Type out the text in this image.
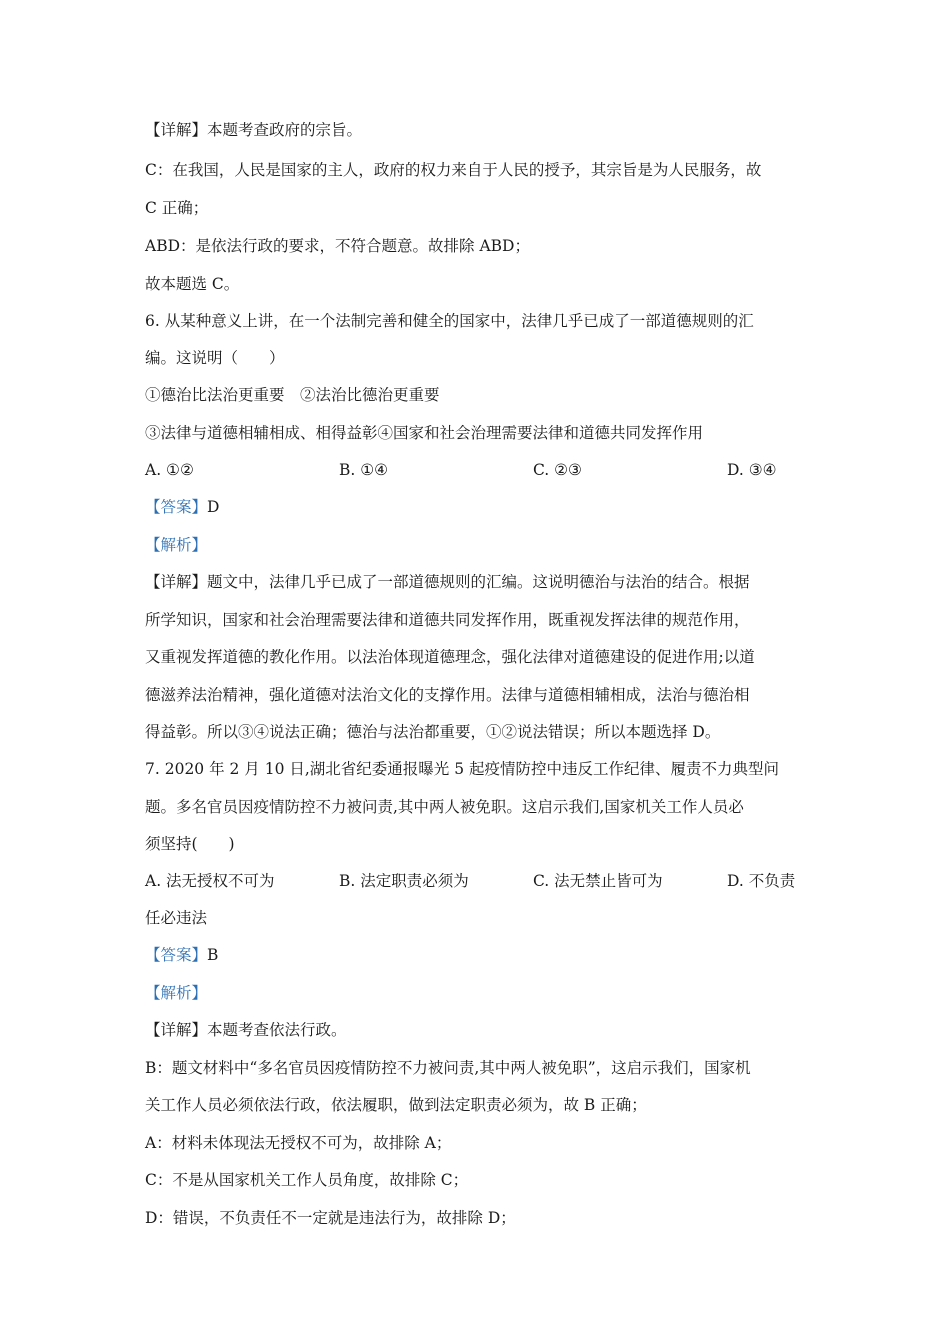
【详解】本题考查政府的宗旨。
C：在我国，人民是国家的主人，政府的权力来自于人民的授予，其宗旨是为人民服务，故
C 正确；
ABD：是依法行政的要求，不符合题意。故排除 ABD；
故本题选 C。
6. 从某种意义上讲，在一个法制完善和健全的国家中，法律几乎已成了一部道德规则的汇
编。这说明（　　）
①德治比法治更重要　②法治比德治更重要
③法律与道德相辅相成、相得益彰④国家和社会治理需要法律和道德共同发挥作用
A. ①②	B. ①④	C. ②③	D. ③④
【答案】D
【解析】
【详解】题文中，法律几乎已成了一部道德规则的汇编。这说明德治与法治的结合。根据
所学知识，国家和社会治理需要法律和道德共同发挥作用，既重视发挥法律的规范作用，
又重视发挥道德的教化作用。以法治体现道德理念，强化法律对道德建设的促进作用;以道
德滋养法治精神，强化道德对法治文化的支撑作用。法律与道德相辅相成，法治与德治相
得益彰。所以③④说法正确；德治与法治都重要，①②说法错误；所以本题选择 D。
7. 2020 年 2 月 10 日,湖北省纪委通报曝光 5 起疫情防控中违反工作纪律、履责不力典型问
题。多名官员因疫情防控不力被问责,其中两人被免职。这启示我们,国家机关工作人员必
须坚持(　　)
A. 法无授权不可为	B. 法定职责必须为	C. 法无禁止皆可为	D. 不负责
任必违法
【答案】B
【解析】
【详解】本题考查依法行政。
B：题文材料中“多名官员因疫情防控不力被问责,其中两人被免职”，这启示我们，国家机
关工作人员必须依法行政，依法履职，做到法定职责必须为，故 B 正确；
A：材料未体现法无授权不可为，故排除 A；
C：不是从国家机关工作人员角度，故排除 C；
D：错误，不负责任不一定就是违法行为，故排除 D；
